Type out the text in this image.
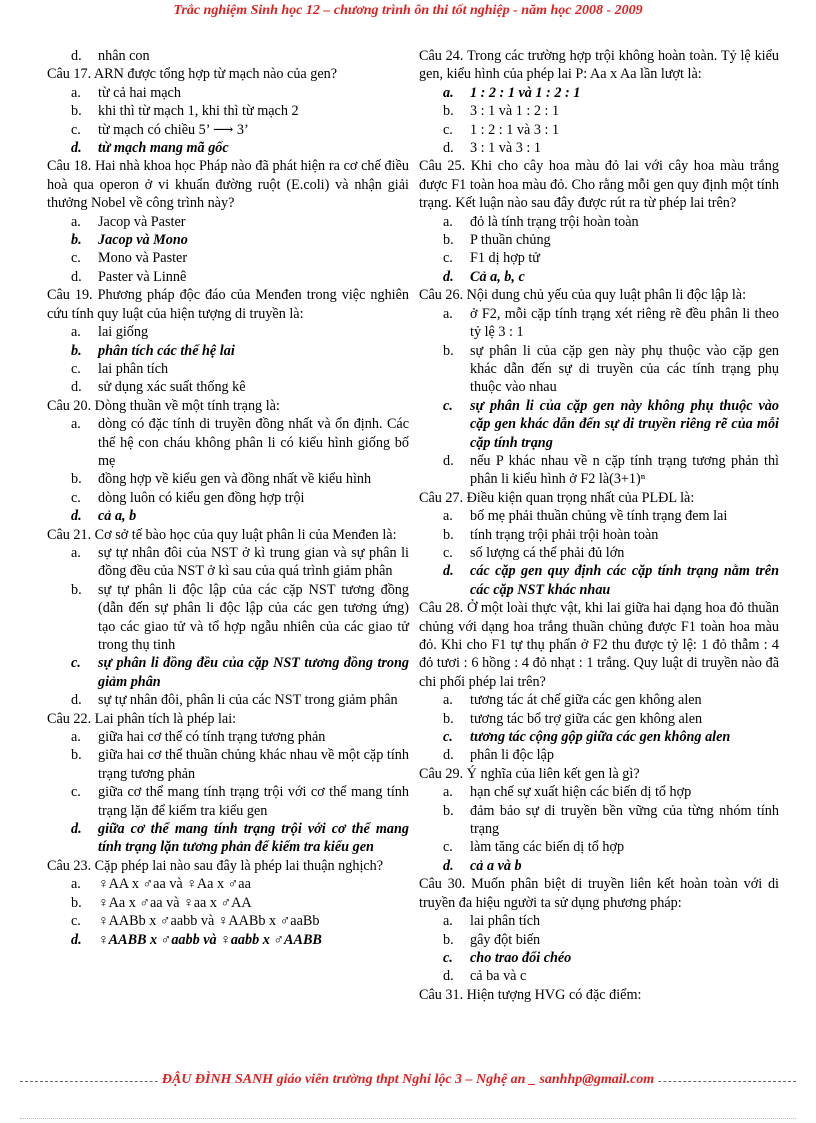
Trắc nghiệm Sinh học 12 – chương trình ôn thi tốt nghiệp - năm học 2008 - 2009
d.	nhân con
Câu 17. ARN được tổng hợp từ mạch nào của gen?
a.	từ cả hai mạch
b.	khi thì từ mạch 1, khi thì từ mạch 2
c.	từ mạch có chiều 5’ ⟶ 3’
d.	từ mạch mang mã gốc
Câu 18. Hai nhà khoa học Pháp nào đã phát hiện ra cơ chế điều hoà qua operon ở vi khuẩn đường ruột (E.coli) và nhận giải thưởng Nobel về công trình này?
a.	Jacop và Paster
b.	Jacop và Mono
c.	Mono và Paster
d.	Paster và Linnê
Câu 19. Phương pháp độc đáo của Menđen trong việc nghiên cứu tính quy luật của hiện tượng di truyền là:
a.	lai giống
b.	phân tích các thế hệ lai
c.	lai phân tích
d.	sử dụng xác suất thống kê
Câu 20. Dòng thuần về một tính trạng là:
a.	dòng có đặc tính di truyền đồng nhất và ổn định. Các thế hệ con cháu không phân li có kiểu hình giống bố mẹ
b.	đồng hợp về kiểu gen và đồng nhất về kiểu hình
c.	dòng luôn có kiểu gen đồng hợp trội
d.	cả a, b
Câu 21. Cơ sở tế bào học của quy luật phân li của Menđen là:
a.	sự tự nhân đôi của NST ở kì trung gian và sự phân li đồng đều của NST ở kì sau của quá trình giảm phân
b.	sự tự phân li độc lập của các cặp NST tương đồng (dẫn đến sự phân li độc lập của các gen tương ứng) tạo các giao tử và tổ hợp ngẫu nhiên của các giao tử trong thụ tinh
c.	sự phân li đồng đều của cặp NST tương đồng trong giảm phân
d.	sự tự nhân đôi, phân li của các NST trong giảm phân
Câu 22. Lai phân tích là phép lai:
a.	giữa hai cơ thể có tính trạng tương phản
b.	giữa hai cơ thể thuần chủng khác nhau về một cặp tính trạng tương phản
c.	giữa cơ thể mang tính trạng trội với cơ thể mang tính trạng lặn để kiểm tra kiểu gen
d.	giữa cơ thể mang tính trạng trội với cơ thể mang tính trạng lặn tương phản để kiểm tra kiểu gen
Câu 23. Cặp phép lai nào sau đây là phép lai thuận nghịch?
a.	♀AA x ♂aa và ♀Aa x ♂aa
b.	♀Aa x ♂aa và ♀aa x ♂AA
c.	♀AABb x ♂aabb và ♀AABb x ♂aaBb
d.	♀AABB x ♂aabb và ♀aabb x ♂AABB
Câu 24. Trong các trường hợp trội không hoàn toàn. Tỷ lệ kiểu gen, kiểu hình của phép lai P: Aa x Aa lần lượt là:
a.	1 : 2 : 1 và 1 : 2 : 1
b.	3 : 1 và 1 : 2 : 1
c.	1 : 2 : 1 và 3 : 1
d.	3 : 1 và 3 : 1
Câu 25. Khi cho cây hoa màu đỏ lai với cây hoa màu trắng được F1 toàn hoa màu đỏ. Cho rằng mỗi gen quy định một tính trạng. Kết luận nào sau đây được rút ra từ phép lai trên?
a.	đỏ là tính trạng trội hoàn toàn
b.	P thuần chủng
c.	F1 dị hợp tử
d.	Cả a, b, c
Câu 26. Nội dung chủ yếu của quy luật phân li độc lập là:
a.	ở F2, mỗi cặp tính trạng xét riêng rẽ đều phân li theo tỷ lệ 3 : 1
b.	sự phân li của cặp gen này phụ thuộc vào cặp gen khác dẫn đến sự di truyền của các tính trạng phụ thuộc vào nhau
c.	sự phân li của cặp gen này không phụ thuộc vào cặp gen khác dẫn đến sự di truyền riêng rẽ của mỗi cặp tính trạng
d.	nếu P khác nhau về n cặp tính trạng tương phản thì phân li kiểu hình ở F2 là(3+1)ⁿ
Câu 27. Điều kiện quan trọng nhất của PLĐL là:
a.	bố mẹ phải thuần chủng về tính trạng đem lai
b.	tính trạng trội phải trội hoàn toàn
c.	số lượng cá thể phải đủ lớn
d.	các cặp gen quy định các cặp tính trạng nằm trên các cặp NST khác nhau
Câu 28. Ở một loài thực vật, khi lai giữa hai dạng hoa đỏ thuần chủng với dạng hoa trắng thuần chủng được F1 toàn hoa màu đỏ. Khi cho F1 tự thụ phấn ở F2 thu được tỷ lệ: 1 đỏ thẫm : 4 đỏ tươi : 6 hồng : 4 đỏ nhạt : 1 trắng. Quy luật di truyền nào đã chi phối phép lai trên?
a.	tương tác át chế giữa các gen không alen
b.	tương tác bổ trợ giữa các gen không alen
c.	tương tác cộng gộp giữa các gen không alen
d.	phân li độc lập
Câu 29. Ý nghĩa của liên kết gen là gì?
a.	hạn chế sự xuất hiện các biến dị tổ hợp
b.	đảm bảo sự di truyền bền vững của từng nhóm tính trạng
c.	làm tăng các biến dị tổ hợp
d.	cả a và b
Câu 30. Muốn phân biệt di truyền liên kết hoàn toàn với di truyền đa hiệu người ta sử dụng phương pháp:
a.	lai phân tích
b.	gây đột biến
c.	cho trao đổi chéo
d.	cả ba và c
Câu 31. Hiện tượng HVG có đặc điểm:
ĐẬU ĐÌNH SANH giáo viên trường thpt Nghi lộc 3 – Nghệ an _ sanhhp@gmail.com
